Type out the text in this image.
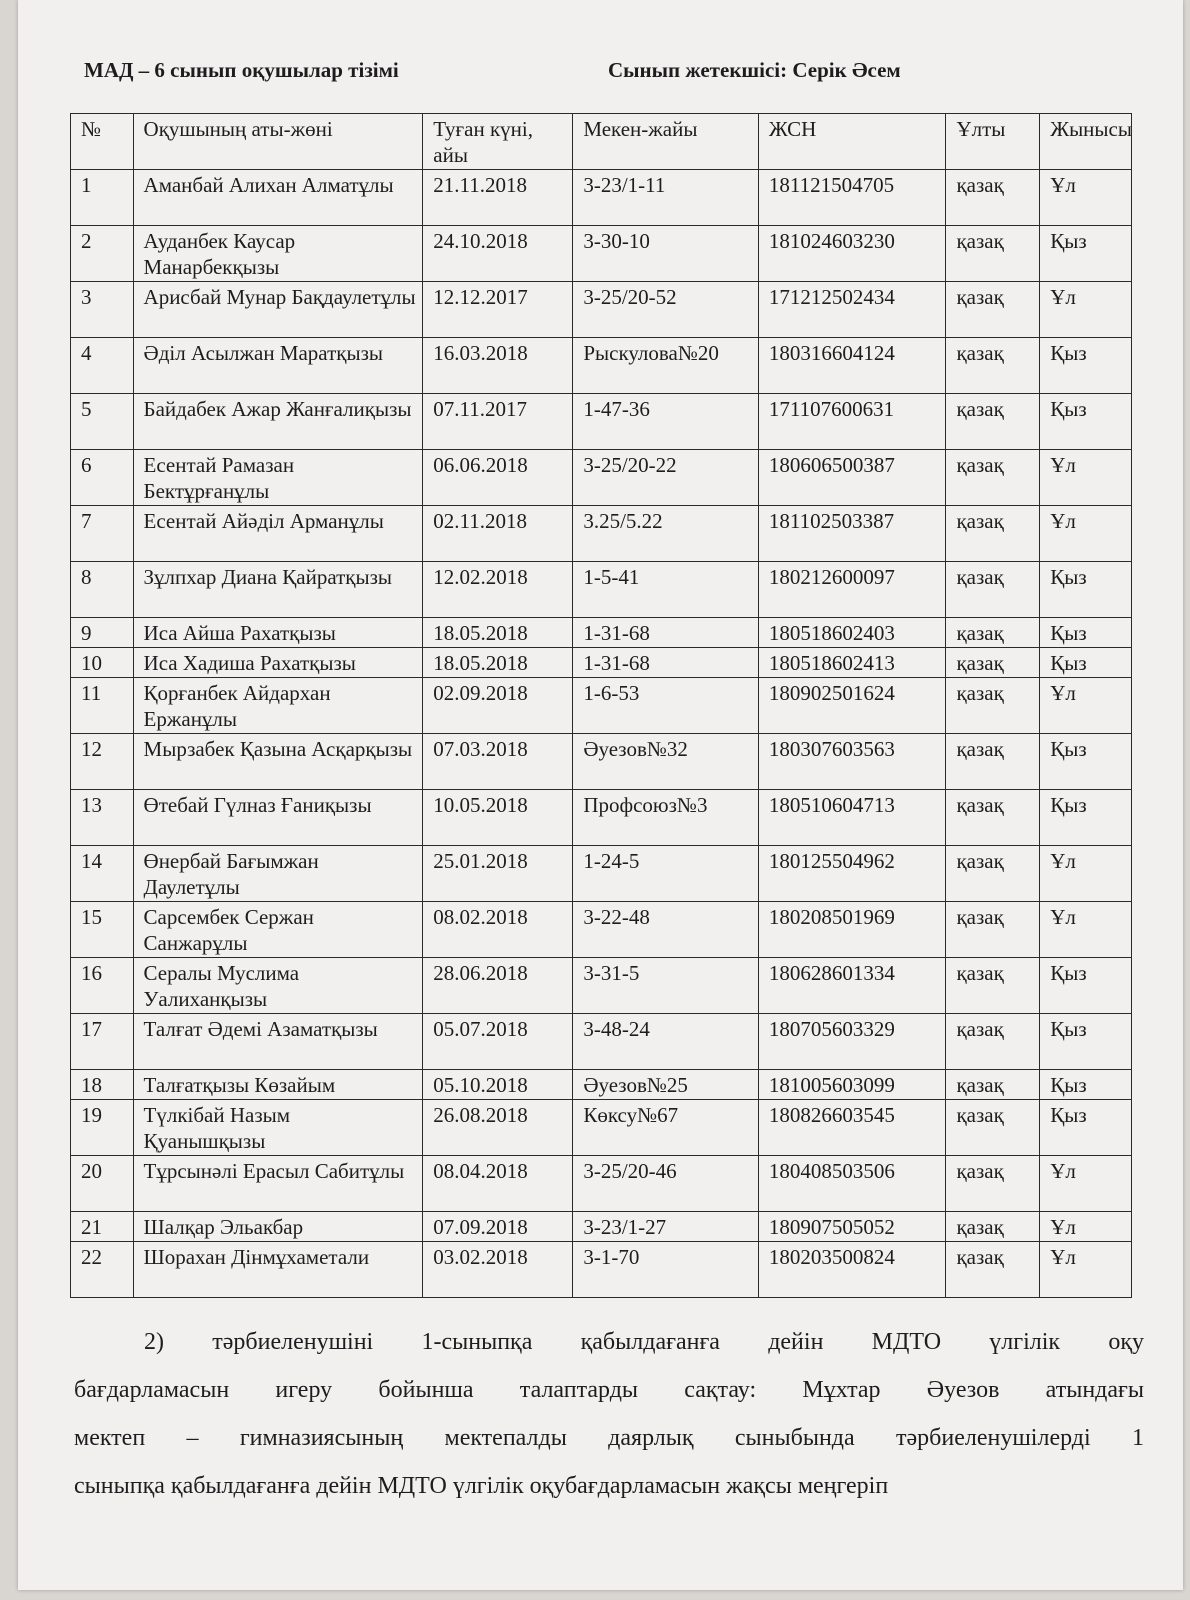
МАД – 6 сынып оқушылар тізімі	Сынып жетекшісі: Серік Әсем
№	Оқушының аты-жөні	Туған күні, айы	Мекен-жайы	ЖСН	Ұлты	Жынысы
1	Аманбай Алихан Алматұлы	21.11.2018	3-23/1-11	181121504705	қазақ	Ұл
2	Ауданбек Каусар Манарбекқызы	24.10.2018	3-30-10	181024603230	қазақ	Қыз
3	Арисбай Мунар Бақдаулетұлы	12.12.2017	3-25/20-52	171212502434	қазақ	Ұл
4	Әділ Асылжан Маратқызы	16.03.2018	Рыскулова№20	180316604124	қазақ	Қыз
5	Байдабек Ажар Жанғалиқызы	07.11.2017	1-47-36	171107600631	қазақ	Қыз
6	Есентай Рамазан Бектұрғанұлы	06.06.2018	3-25/20-22	180606500387	қазақ	Ұл
7	Есентай Айәділ Арманұлы	02.11.2018	3.25/5.22	181102503387	қазақ	Ұл
8	Зұлпхар Диана Қайратқызы	12.02.2018	1-5-41	180212600097	қазақ	Қыз
9	Иса Айша Рахатқызы	18.05.2018	1-31-68	180518602403	қазақ	Қыз
10	Иса Хадиша Рахатқызы	18.05.2018	1-31-68	180518602413	қазақ	Қыз
11	Қорғанбек Айдархан Ержанұлы	02.09.2018	1-6-53	180902501624	қазақ	Ұл
12	Мырзабек Қазына Асқарқызы	07.03.2018	Әуезов№32	180307603563	қазақ	Қыз
13	Өтебай Гүлназ Ғаниқызы	10.05.2018	Профсоюз№3	180510604713	қазақ	Қыз
14	Өнербай Бағымжан Даулетұлы	25.01.2018	1-24-5	180125504962	қазақ	Ұл
15	Сарсембек Сержан Санжарұлы	08.02.2018	3-22-48	180208501969	қазақ	Ұл
16	Сералы Муслима Уалиханқызы	28.06.2018	3-31-5	180628601334	қазақ	Қыз
17	Талғат Әдемі Азаматқызы	05.07.2018	3-48-24	180705603329	қазақ	Қыз
18	Талғатқызы Көзайым	05.10.2018	Әуезов№25	181005603099	қазақ	Қыз
19	Түлкібай Назым Қуанышқызы	26.08.2018	Көксу№67	180826603545	қазақ	Қыз
20	Тұрсынәлі Ерасыл Сабитұлы	08.04.2018	3-25/20-46	180408503506	қазақ	Ұл
21	Шалқар Эльакбар	07.09.2018	3-23/1-27	180907505052	қазақ	Ұл
22	Шорахан Дінмұхаметали	03.02.2018	3-1-70	180203500824	қазақ	Ұл
2) тәрбиеленушіні 1-сыныпқа қабылдағанға дейін МДТО үлгілік оқу
бағдарламасын игеру бойынша талаптарды сақтау: Мұхтар Әуезов атындағы
мектеп – гимназиясының мектепалды даярлық сыныбында тәрбиеленушілерді 1
сыныпқа қабылдағанға дейін МДТО үлгілік оқубағдарламасын жақсы меңгеріп
